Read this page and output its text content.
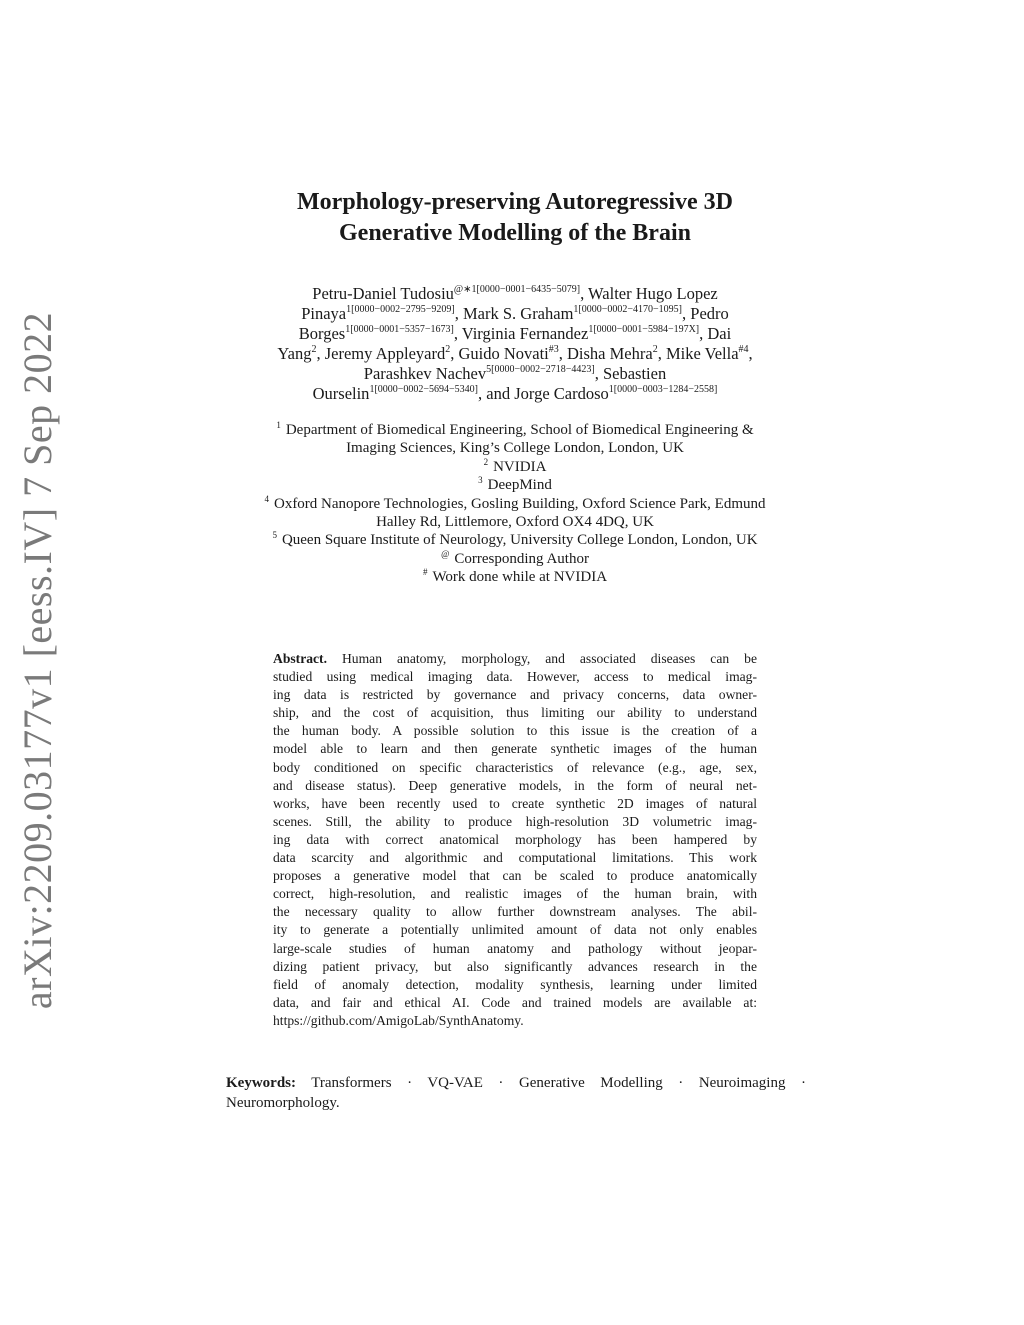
arXiv:2209.03177v1 [eess.IV] 7 Sep 2022
Morphology-preserving Autoregressive 3D
Generative Modelling of the Brain
Petru-Daniel Tudosiu$^{@∗1[0000-0001-6435-5079]}$, Walter Hugo Lopez
Pinaya$^{1[0000-0002-2795-9209]}$, Mark S. Graham$^{1[0000-0002-4170-1095]}$, Pedro
Borges$^{1[0000-0001-5357-1673]}$, Virginia Fernandez$^{1[0000-0001-5984-197X]}$, Dai
Yang$^2$, Jeremy Appleyard$^2$, Guido Novati$^{\#3}$, Disha Mehra$^2$, Mike Vella$^{\#4}$,
Parashkev Nachev$^{5[0000-0002-2718-4423]}$, Sebastien
Ourselin$^{1[0000-0002-5694-5340]}$, and Jorge Cardoso$^{1[0000-0003-1284-2558]}$
$^1$ Department of Biomedical Engineering, School of Biomedical Engineering &
Imaging Sciences, King’s College London, London, UK
$^2$ NVIDIA
$^3$ DeepMind
$^4$ Oxford Nanopore Technologies, Gosling Building, Oxford Science Park, Edmund
Halley Rd, Littlemore, Oxford OX4 4DQ, UK
$^5$ Queen Square Institute of Neurology, University College London, London, UK
@ Corresponding Author
# Work done while at NVIDIA
Abstract. Human anatomy, morphology, and associated diseases can be
studied using medical imaging data. However, access to medical imag-
ing data is restricted by governance and privacy concerns, data owner-
ship, and the cost of acquisition, thus limiting our ability to understand
the human body. A possible solution to this issue is the creation of a
model able to learn and then generate synthetic images of the human
body conditioned on specific characteristics of relevance (e.g., age, sex,
and disease status). Deep generative models, in the form of neural net-
works, have been recently used to create synthetic 2D images of natural
scenes. Still, the ability to produce high-resolution 3D volumetric imag-
ing data with correct anatomical morphology has been hampered by
data scarcity and algorithmic and computational limitations. This work
proposes a generative model that can be scaled to produce anatomically
correct, high-resolution, and realistic images of the human brain, with
the necessary quality to allow further downstream analyses. The abil-
ity to generate a potentially unlimited amount of data not only enables
large-scale studies of human anatomy and pathology without jeopar-
dizing patient privacy, but also significantly advances research in the
field of anomaly detection, modality synthesis, learning under limited
data, and fair and ethical AI. Code and trained models are available at:
https://github.com/AmigoLab/SynthAnatomy.
Keywords: Transformers · VQ-VAE · Generative Modelling · Neuroimaging ·
Neuromorphology.
